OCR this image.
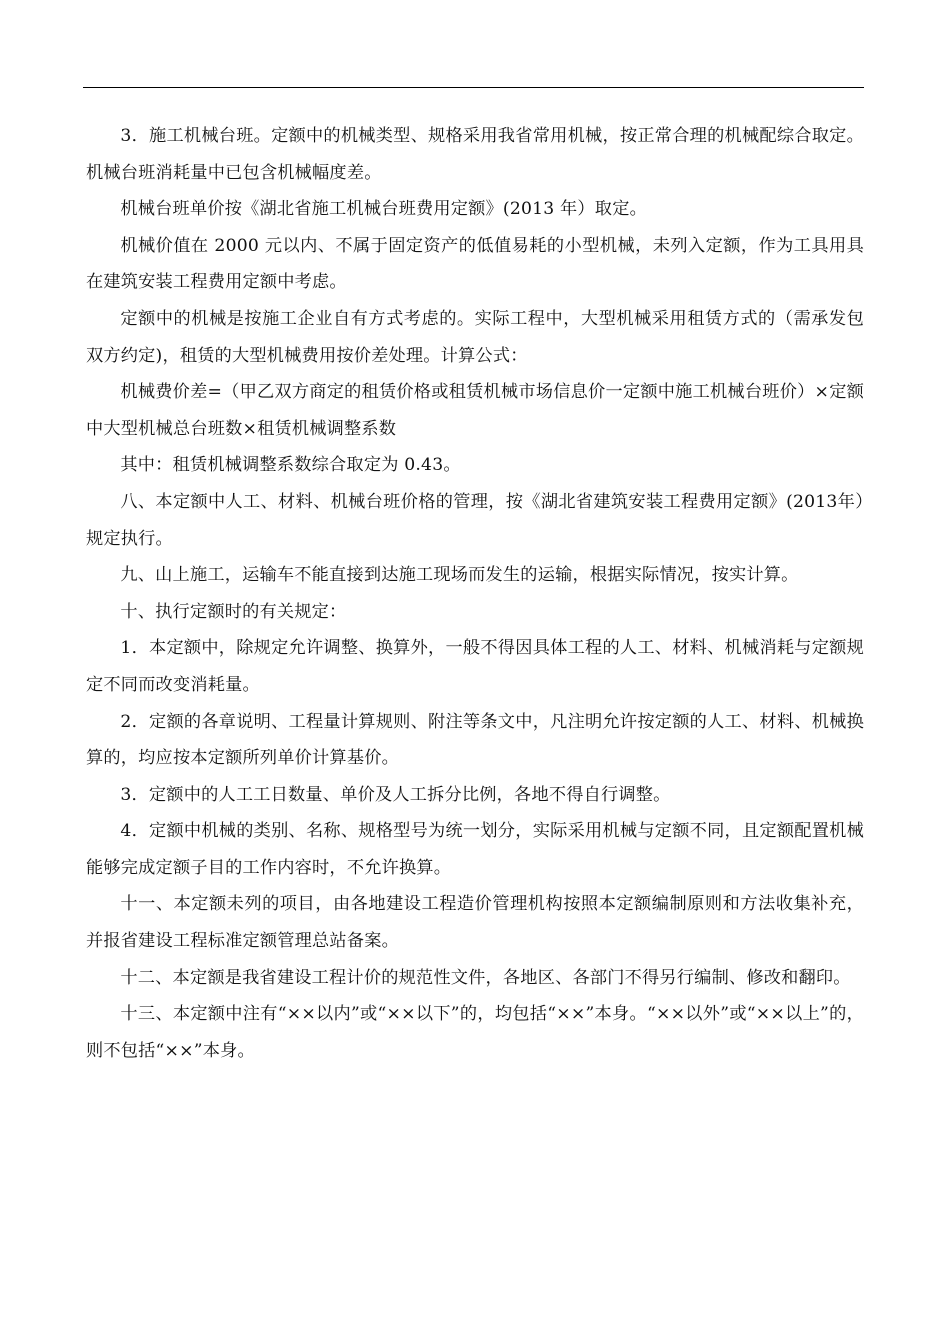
3．施工机械台班。定额中的机械类型、规格采用我省常用机械，按正常合理的机械配综合取定。机械台班消耗量中已包含机械幅度差。

机械台班单价按《湖北省施工机械台班费用定额》(2013 年）取定。

机械价值在 2000 元以内、不属于固定资产的低值易耗的小型机械，未列入定额，作为工具用具在建筑安装工程费用定额中考虑。

定额中的机械是按施工企业自有方式考虑的。实际工程中，大型机械采用租赁方式的（需承发包双方约定)，租赁的大型机械费用按价差处理。计算公式：

机械费价差=（甲乙双方商定的租赁价格或租赁机械市场信息价一定额中施工机械台班价）×定额中大型机械总台班数×租赁机械调整系数

其中：租赁机械调整系数综合取定为 0.43。

八、本定额中人工、材料、机械台班价格的管理，按《湖北省建筑安装工程费用定额》(2013年）规定执行。

九、山上施工，运输车不能直接到达施工现场而发生的运输，根据实际情况，按实计算。

十、执行定额时的有关规定：

1．本定额中，除规定允许调整、换算外，一般不得因具体工程的人工、材料、机械消耗与定额规定不同而改变消耗量。

2．定额的各章说明、工程量计算规则、附注等条文中，凡注明允许按定额的人工、材料、机械换算的，均应按本定额所列单价计算基价。

3．定额中的人工工日数量、单价及人工拆分比例，各地不得自行调整。

4．定额中机械的类别、名称、规格型号为统一划分，实际采用机械与定额不同，且定额配置机械能够完成定额子目的工作内容时，不允许换算。

十一、本定额未列的项目，由各地建设工程造价管理机构按照本定额编制原则和方法收集补充，并报省建设工程标准定额管理总站备案。

十二、本定额是我省建设工程计价的规范性文件，各地区、各部门不得另行编制、修改和翻印。

十三、本定额中注有“××以内”或“××以下”的，均包括“××”本身。“××以外”或“××以上”的，则不包括“××”本身。
